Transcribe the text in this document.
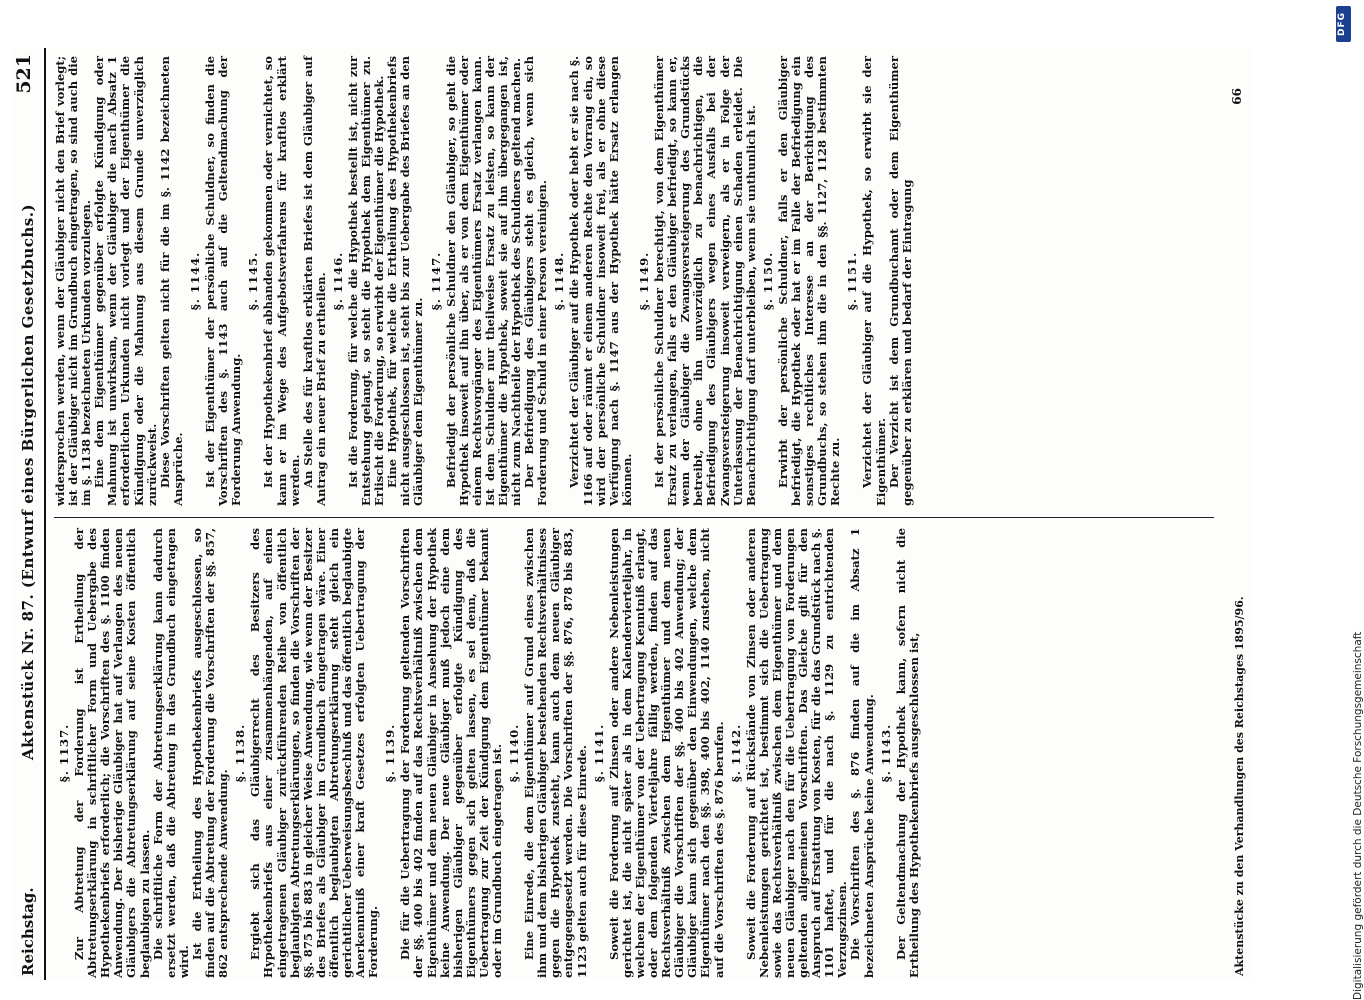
Reichstag.
Aktenstück Nr. 87. (Entwurf eines Bürgerlichen Gesetzbuchs.)
521
§. 1137. Zur Abtretung der Forderung ist Ertheilung der Abtretungserklärung in schriftlicher Form und Uebergabe des Hypothekenbriefs erforderlich; die Vorschriften des §. 1100 finden Anwendung. Der bisherige Gläubiger hat auf Verlangen des neuen Gläubigers die Abtretungserklärung auf seine Kosten öffentlich beglaubigen zu lassen. Die schriftliche Form der Abtretungserklärung kann dadurch ersetzt werden, daß die Abtretung in das Grundbuch eingetragen wird.
Ist die Ertheilung des Hypothekenbriefs ausgeschlossen, so finden auf die Abtretung der Forderung die Vorschriften der §§. 857, 862 entsprechende Anwendung.
§. 1138. Ergiebt sich das Gläubigerrecht des Besitzers des Hypothekenbriefs aus einer zusammenhängenden, auf einen eingetragenen Gläubiger zurückführenden Reihe von öffentlich beglaubigten Abtretungserklärungen, so finden die Vorschriften der §§. 875 bis 883 in gleicher Weise Anwendung, wie wenn der Besitzer des Briefes als Gläubiger im Grundbuch eingetragen wäre. Einer öffentlich beglaubigten Abtretungserklärung steht gleich ein gerichtlicher Ueberweisungsbeschluß und das öffentlich beglaubigte Anerkenntniß einer kraft Gesetzes erfolgten Uebertragung der Forderung.
§. 1139. Die für die Uebertragung der Forderung geltenden Vorschriften der §§. 400 bis 402 finden auf das Rechtsverhältniß zwischen dem Eigenthümer und dem neuen Gläubiger in Ansehung der Hypothek keine Anwendung. Der neue Gläubiger muß jedoch eine dem bisherigen Gläubiger gegenüber erfolgte Kündigung des Eigenthümers gegen sich gelten lassen, es sei denn, daß die Uebertragung zur Zeit der Kündigung dem Eigenthümer bekannt oder im Grundbuch eingetragen ist. §. 1140. Eine Einrede, die dem Eigenthümer auf Grund eines zwischen ihm und dem bisherigen Gläubiger bestehenden Rechtsverhältnisses gegen die Hypothek zusteht, kann auch dem neuen Gläubiger entgegengesetzt werden. Die Vorschriften der §§. 876, 878 bis 883, 1123 gelten auch für diese Einrede. §. 1141. Soweit die Forderung auf Zinsen oder andere Nebenleistungen gerichtet ist, die nicht später als in dem Kalendervierteljahr, in welchem der Eigenthümer von der Uebertragung Kenntniß erlangt, oder dem folgenden Vierteljahre fällig werden, finden auf das Rechtsverhältniß zwischen dem Eigenthümer und dem neuen Gläubiger die Vorschriften der §§. 400 bis 402 Anwendung; der Gläubiger kann sich gegenüber den Einwendungen, welche dem Eigenthümer nach den §§. 398, 400 bis 402, 1140 zustehen, nicht auf die Vorschriften des §. 876 berufen. §. 1142. Soweit die Forderung auf Rückstände von Zinsen oder anderen Nebenleistungen gerichtet ist, bestimmt sich die Uebertragung sowie das Rechtsverhältniß zwischen dem Eigenthümer und dem neuen Gläubiger nach den für die Uebertragung von Forderungen geltenden allgemeinen Vorschriften. Das Gleiche gilt für den Anspruch auf Erstattung von Kosten, für die das Grundstück nach §. 1101 haftet, und für die nach §. 1129 zu entrichtenden Verzugszinsen. Die Vorschriften des §. 876 finden auf die im Absatz 1 bezeichneten Ansprüche keine Anwendung. §. 1143. Der Geltendmachung der Hypothek kann, sofern nicht die Ertheilung des Hypothekenbriefs ausgeschlossen ist,
widersprochen werden, wenn der Gläubiger nicht den Brief vorlegt; ist der Gläubiger nicht im Grundbuch eingetragen, so sind auch die im §. 1138 bezeichneten Urkunden vorzulegen. Eine dem Eigenthümer gegenüber erfolgte Kündigung oder Mahnung ist unwirksam, wenn der Gläubiger die nach Absatz 1 erforderlichen Urkunden nicht vorlegt und der Eigenthümer die Kündigung oder die Mahnung aus diesem Grunde unverzüglich zurückweist. Diese Vorschriften gelten nicht für die im §. 1142 bezeichneten Ansprüche.
§. 1144. Ist der Eigenthümer der persönliche Schuldner, so finden die Vorschriften des §. 1143 auch auf die Geltendmachung der Forderung Anwendung.
§. 1145. Ist der Hypothekenbrief abhanden gekommen oder vernichtet, so kann er im Wege des Aufgebotsverfahrens für kraftlos erklärt werden. An Stelle des für kraftlos erklärten Briefes ist dem Gläubiger auf Antrag ein neuer Brief zu ertheilen. §. 1146. Ist die Forderung, für welche die Hypothek bestellt ist, nicht zur Entstehung gelangt, so steht die Hypothek dem Eigenthümer zu. Erlischt die Forderung, so erwirbt der Eigenthümer die Hypothek. Eine Hypothek, für welche die Ertheilung des Hypothekenbriefs nicht ausgeschlossen ist, steht bis zur Uebergabe des Briefes an den Gläubiger dem Eigenthümer zu.
§. 1147. Befriedigt der persönliche Schuldner den Gläubiger, so geht die Hypothek insoweit auf ihn über, als er von dem Eigenthümer oder einem Rechtsvorgänger des Eigenthümers Ersatz verlangen kann. Ist dem Schuldner nur theilweise Ersatz zu leisten, so kann der Eigenthümer die Hypothek, soweit sie auf ihn übergegangen ist, nicht zum Nachtheile der Hypothek des Schuldners geltend machen. Der Befriedigung des Gläubigers steht es gleich, wenn sich Forderung und Schuld in einer Person vereinigen. §. 1148. Verzichtet der Gläubiger auf die Hypothek oder hebt er sie nach §. 1166 auf oder räumt er einem anderen Rechte den Vorrang ein, so wird der persönliche Schuldner insoweit frei, als er ohne diese Verfügung nach §. 1147 aus der Hypothek hätte Ersatz erlangen können.
§. 1149. Ist der persönliche Schuldner berechtigt, von dem Eigenthümer Ersatz zu verlangen, falls er den Gläubiger befriedigt, so kann er, wenn der Gläubiger die Zwangsversteigerung des Grundstücks betreibt, ohne ihn unverzüglich zu benachrichtigen, die Befriedigung des Gläubigers wegen eines Ausfalls bei der Zwangsversteigerung insoweit verweigern, als er in Folge der Unterlassung der Benachrichtigung einen Schaden erleidet. Die Benachrichtigung darf unterbleiben, wenn sie unthunlich ist. §. 1150. Erwirbt der persönliche Schuldner, falls er den Gläubiger befriedigt, die Hypothek oder hat er im Falle der Befriedigung ein sonstiges rechtliches Interesse an der Berichtigung des Grundbuchs, so stehen ihm die in den §§. 1127, 1128 bestimmten Rechte zu.
§. 1151. Verzichtet der Gläubiger auf die Hypothek, so erwirbt sie der Eigenthümer. Der Verzicht ist dem Grundbuchamt oder dem Eigenthümer gegenüber zu erklären und bedarf der Eintragung
Aktenstücke zu den Verhandlungen des Reichstages 1895/96.
66
DFG
Digitalisierung gefördert durch die Deutsche Forschungsgemeinschaft
